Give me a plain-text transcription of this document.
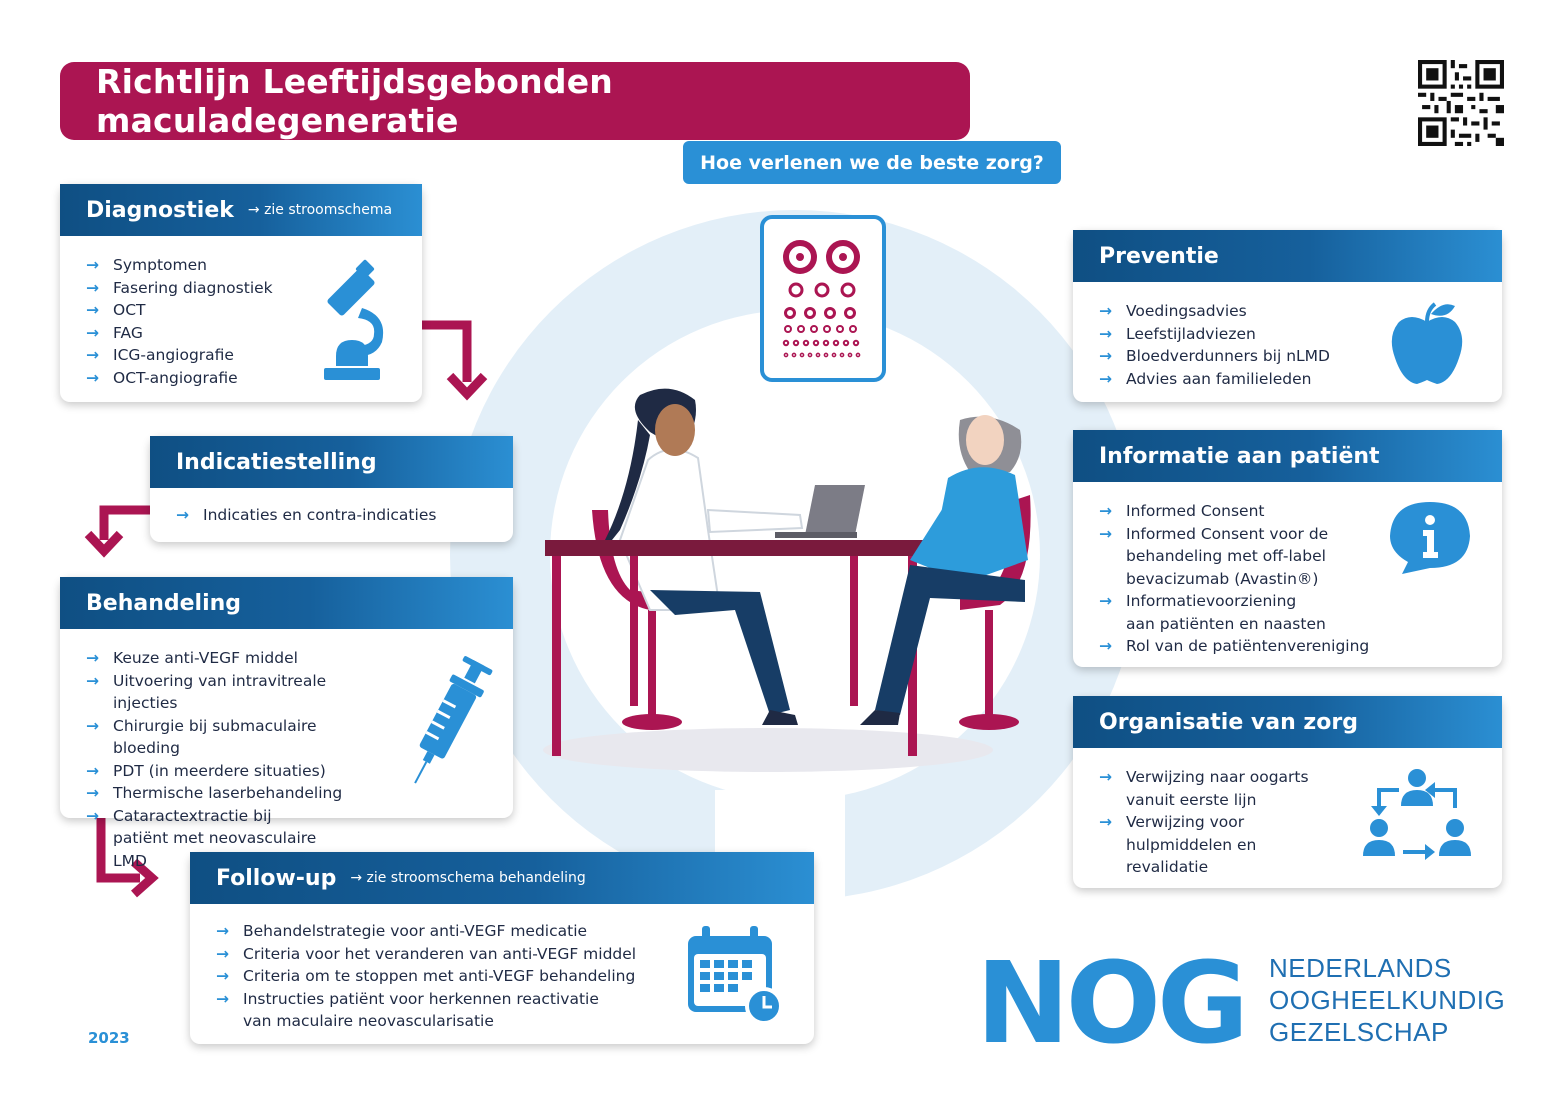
Richtlijn Leeftijdsgebonden maculadegeneratie
Hoe verlenen we de beste zorg?
Diagnostiek → zie stroomschema
→ Symptomen
→ Fasering diagnostiek
→ OCT
→ FAG
→ ICG-angiografie
→ OCT-angiografie
Indicatiestelling
→ Indicaties en contra-indicaties
Behandeling
→ Keuze anti-VEGF middel
→ Uitvoering van intravitreale injecties
→ Chirurgie bij submaculaire bloeding
→ PDT (in meerdere situaties)
→ Thermische laserbehandeling
→ Cataractextractie bij patiënt met neovasculaire LMD
Follow-up → zie stroomschema behandeling
→ Behandelstrategie voor anti-VEGF medicatie
→ Criteria voor het veranderen van anti-VEGF middel
→ Criteria om te stoppen met anti-VEGF behandeling
→ Instructies patiënt voor herkennen reactivatie van maculaire neovascularisatie
Preventie
→ Voedingsadvies
→ Leefstijladviezen
→ Bloedverdunners bij nLMD
→ Advies aan familieleden
Informatie aan patiënt
→ Informed Consent
→ Informed Consent voor de behandeling met off-label bevacizumab (Avastin®)
→ Informatievoorziening aan patiënten en naasten
→ Rol van de patiëntenvereniging
Organisatie van zorg
→ Verwijzing naar oogarts vanuit eerste lijn
→ Verwijzing voor hulpmiddelen en revalidatie
2023	NOG NEDERLANDS
OOGHEELKUNDIG
GEZELSCHAP
